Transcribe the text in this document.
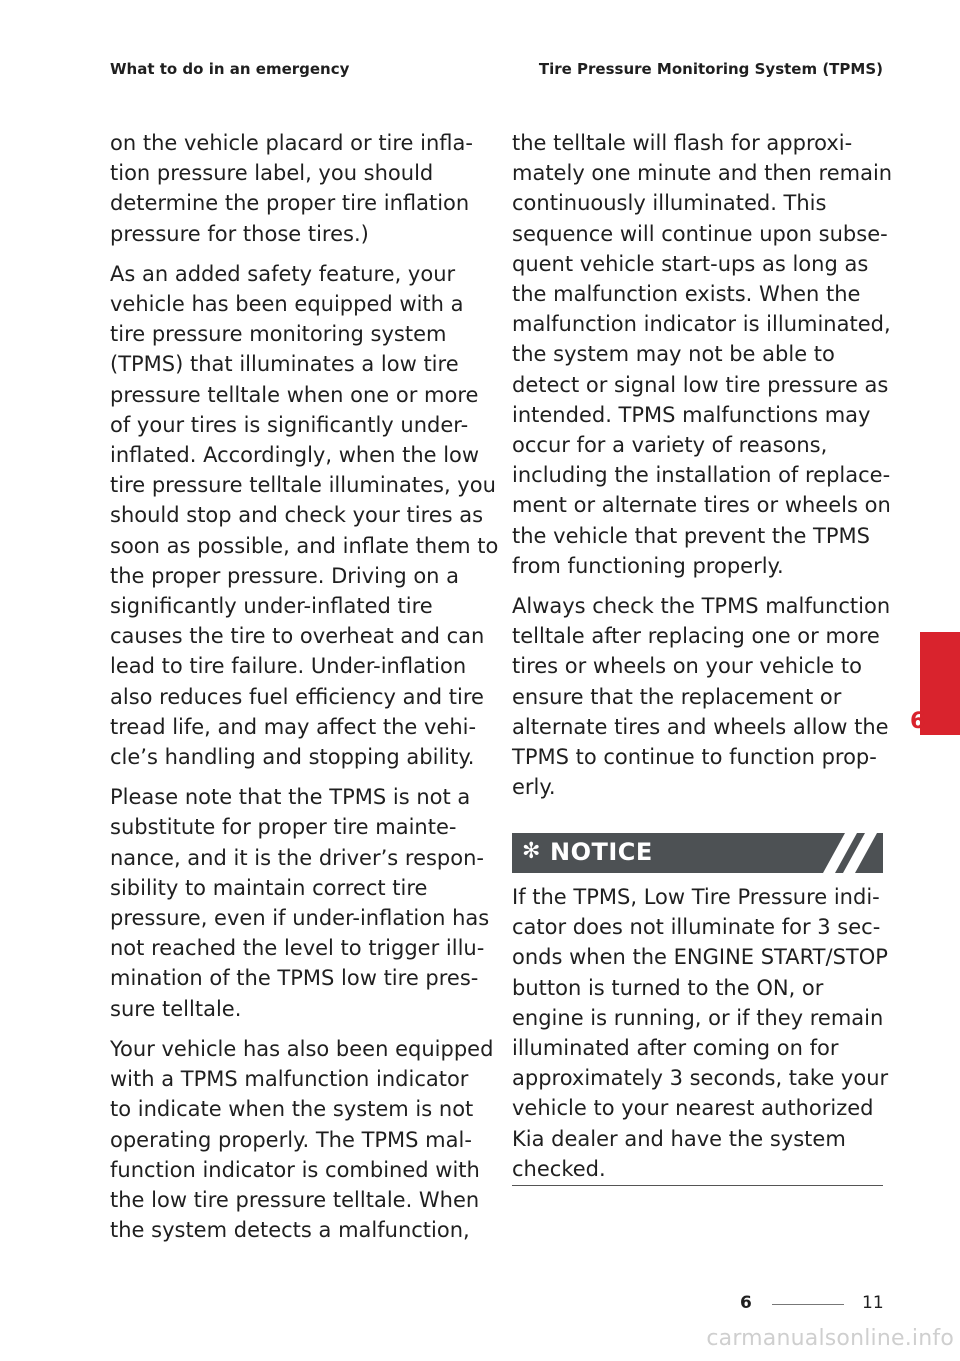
What to do in an emergency	Tire Pressure Monitoring System (TPMS)

on the vehicle placard or tire infla-
tion pressure label, you should
determine the proper tire inflation
pressure for those tires.)

As an added safety feature, your
vehicle has been equipped with a
tire pressure monitoring system
(TPMS) that illuminates a low tire
pressure telltale when one or more
of your tires is significantly under-
inflated. Accordingly, when the low
tire pressure telltale illuminates, you
should stop and check your tires as
soon as possible, and inflate them to
the proper pressure. Driving on a
significantly under-inflated tire
causes the tire to overheat and can
lead to tire failure. Under-inflation
also reduces fuel efficiency and tire
tread life, and may affect the vehi-
cle’s handling and stopping ability.

Please note that the TPMS is not a
substitute for proper tire mainte-
nance, and it is the driver’s respon-
sibility to maintain correct tire
pressure, even if under-inflation has
not reached the level to trigger illu-
mination of the TPMS low tire pres-
sure telltale.

Your vehicle has also been equipped
with a TPMS malfunction indicator
to indicate when the system is not
operating properly. The TPMS mal-
function indicator is combined with
the low tire pressure telltale. When
the system detects a malfunction,

the telltale will flash for approxi-
mately one minute and then remain
continuously illuminated. This
sequence will continue upon subse-
quent vehicle start-ups as long as
the malfunction exists. When the
malfunction indicator is illuminated,
the system may not be able to
detect or signal low tire pressure as
intended. TPMS malfunctions may
occur for a variety of reasons,
including the installation of replace-
ment or alternate tires or wheels on
the vehicle that prevent the TPMS
from functioning properly.

Always check the TPMS malfunction
telltale after replacing one or more
tires or wheels on your vehicle to
ensure that the replacement or
alternate tires and wheels allow the
TPMS to continue to function prop-
erly.

✻ NOTICE

If the TPMS, Low Tire Pressure indi-
cator does not illuminate for 3 sec-
onds when the ENGINE START/STOP
button is turned to the ON, or
engine is running, or if they remain
illuminated after coming on for
approximately 3 seconds, take your
vehicle to your nearest authorized
Kia dealer and have the system
checked.

6
6	11
carmanualsonline.info
